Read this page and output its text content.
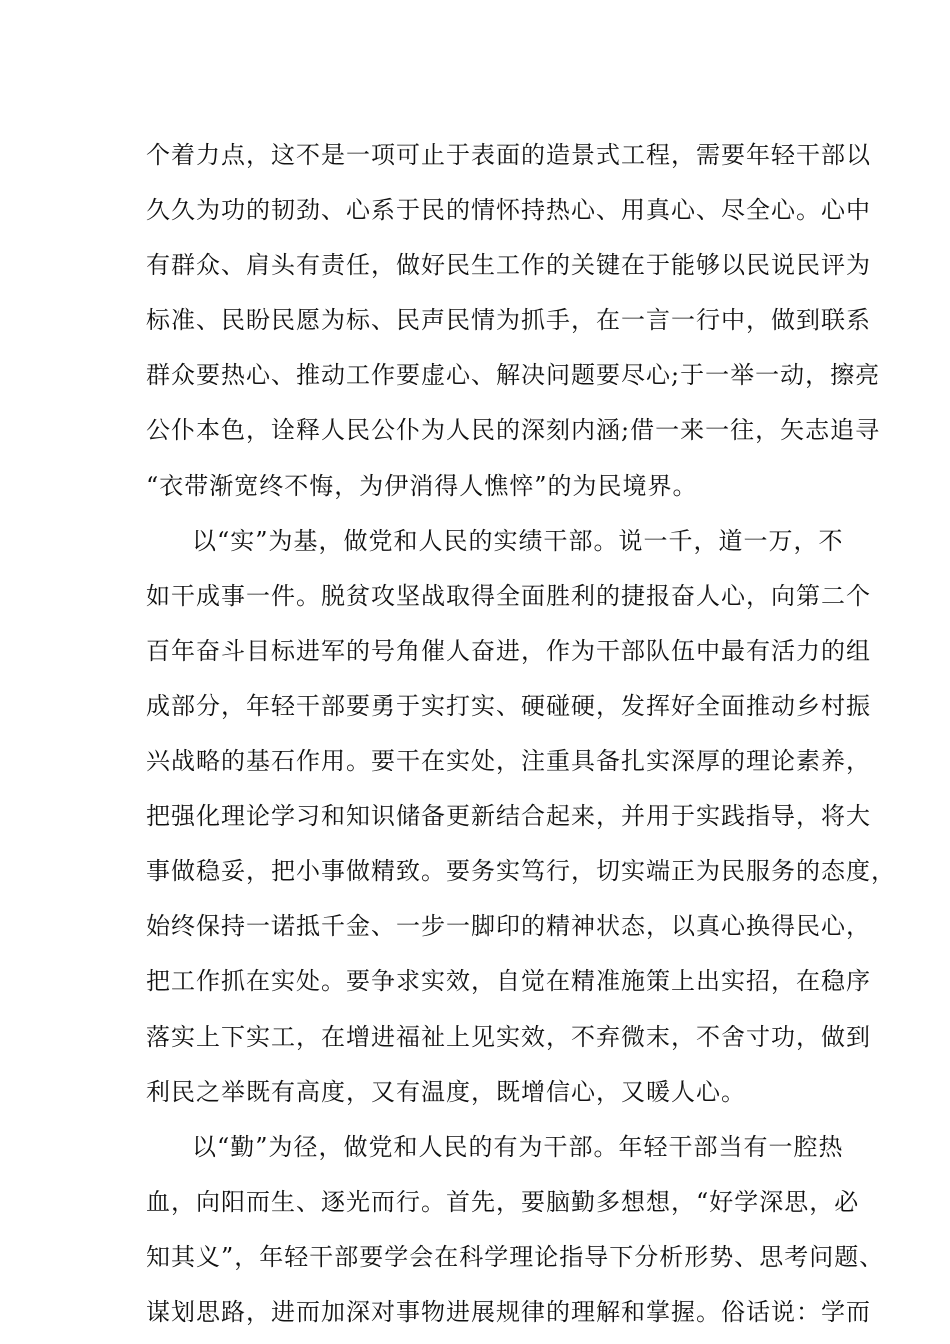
个着力点，这不是一项可止于表面的造景式工程，需要年轻干部以
久久为功的韧劲、心系于民的情怀持热心、用真心、尽全心。心中
有群众、肩头有责任，做好民生工作的关键在于能够以民说民评为
标准、民盼民愿为标、民声民情为抓手，在一言一行中，做到联系
群众要热心、推动工作要虚心、解决问题要尽心;于一举一动，擦亮
公仆本色，诠释人民公仆为人民的深刻内涵;借一来一往，矢志追寻
“衣带渐宽终不悔，为伊消得人憔悴”的为民境界。
以“实”为基，做党和人民的实绩干部。说一千，道一万，不
如干成事一件。脱贫攻坚战取得全面胜利的捷报奋人心，向第二个
百年奋斗目标进军的号角催人奋进，作为干部队伍中最有活力的组
成部分，年轻干部要勇于实打实、硬碰硬，发挥好全面推动乡村振
兴战略的基石作用。要干在实处，注重具备扎实深厚的理论素养，
把强化理论学习和知识储备更新结合起来，并用于实践指导，将大
事做稳妥，把小事做精致。要务实笃行，切实端正为民服务的态度，
始终保持一诺抵千金、一步一脚印的精神状态，以真心换得民心，
把工作抓在实处。要争求实效，自觉在精准施策上出实招，在稳序
落实上下实工，在增进福祉上见实效，不弃微末，不舍寸功，做到
利民之举既有高度，又有温度，既增信心，又暖人心。
以“勤”为径，做党和人民的有为干部。年轻干部当有一腔热
血，向阳而生、逐光而行。首先，要脑勤多想想，“好学深思，必
知其义”，年轻干部要学会在科学理论指导下分析形势、思考问题、
谋划思路，进而加深对事物进展规律的理解和掌握。俗话说：学而
